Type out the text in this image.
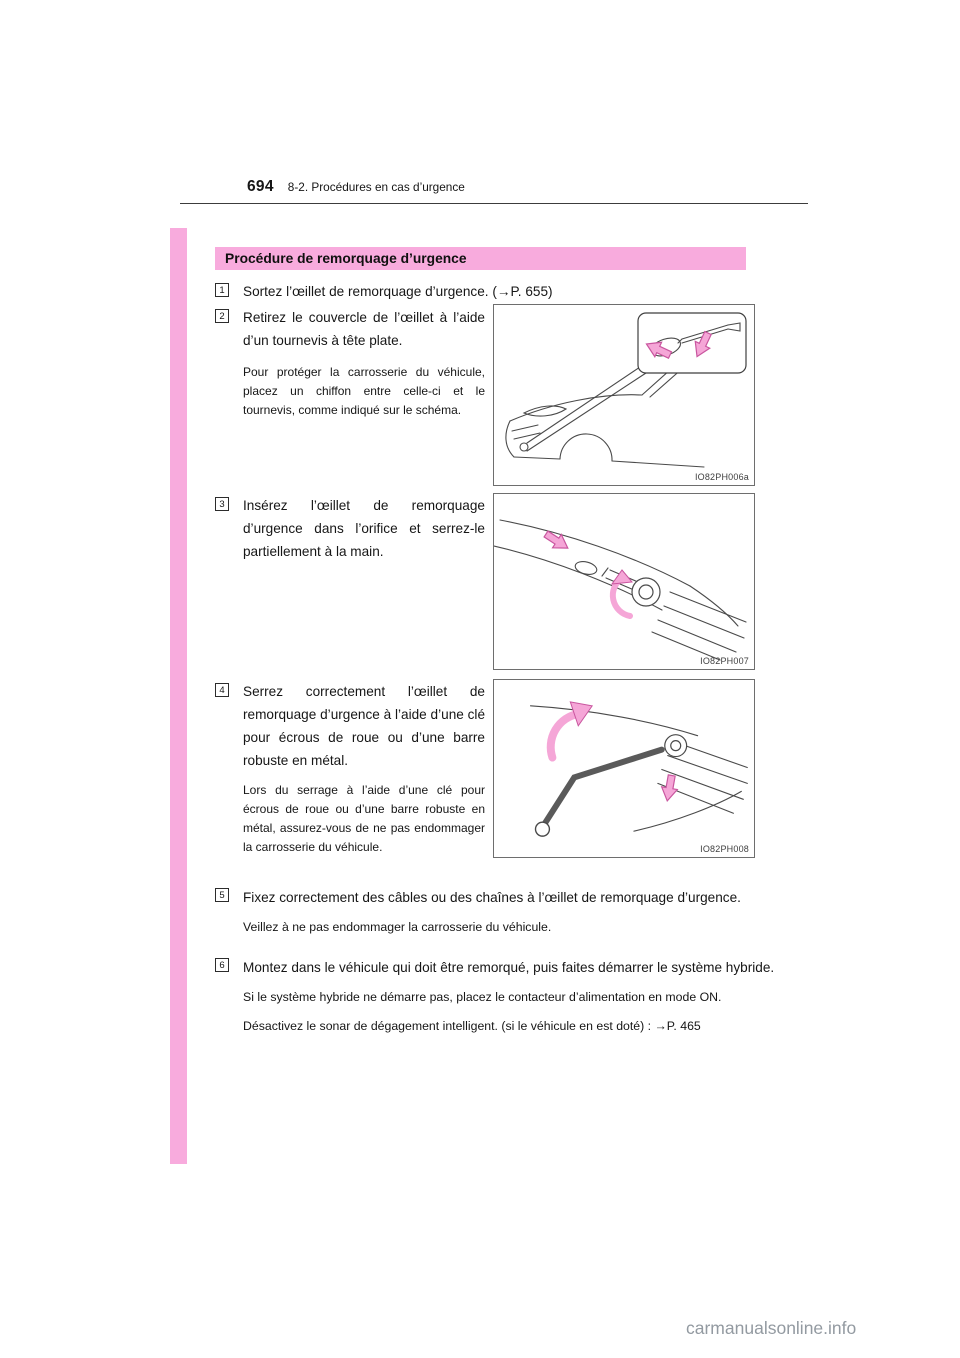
694 8-2. Procédures en cas d’urgence
Procédure de remorquage d’urgence
1	Sortez l’œillet de remorquage d’urgence. (→P. 655)
2	Retirez le couvercle de l’œillet à l’aide d’un tournevis à tête plate.
Pour protéger la carrosserie du véhicule, placez un chiffon entre celle-ci et le tournevis, comme indiqué sur le schéma.
IO82PH006a
3	Insérez l’œillet de remorquage d’urgence dans l’orifice et serrez-le partiellement à la main.
IO82PH007
4	Serrez correctement l’œillet de remorquage d’urgence à l’aide d’une clé pour écrous de roue ou d’une barre robuste en métal.
Lors du serrage à l’aide d’une clé pour écrous de roue ou d’une barre robuste en métal, assurez-vous de ne pas endommager la carrosserie du véhicule.	IO82PH008
5	Fixez correctement des câbles ou des chaînes à l’œillet de remorquage d’urgence.
Veillez à ne pas endommager la carrosserie du véhicule.
6	Montez dans le véhicule qui doit être remorqué, puis faites démarrer le système hybride.
Si le système hybride ne démarre pas, placez le contacteur d’alimentation en mode ON.
Désactivez le sonar de dégagement intelligent. (si le véhicule en est doté) : →P. 465
carmanualsonline.info
